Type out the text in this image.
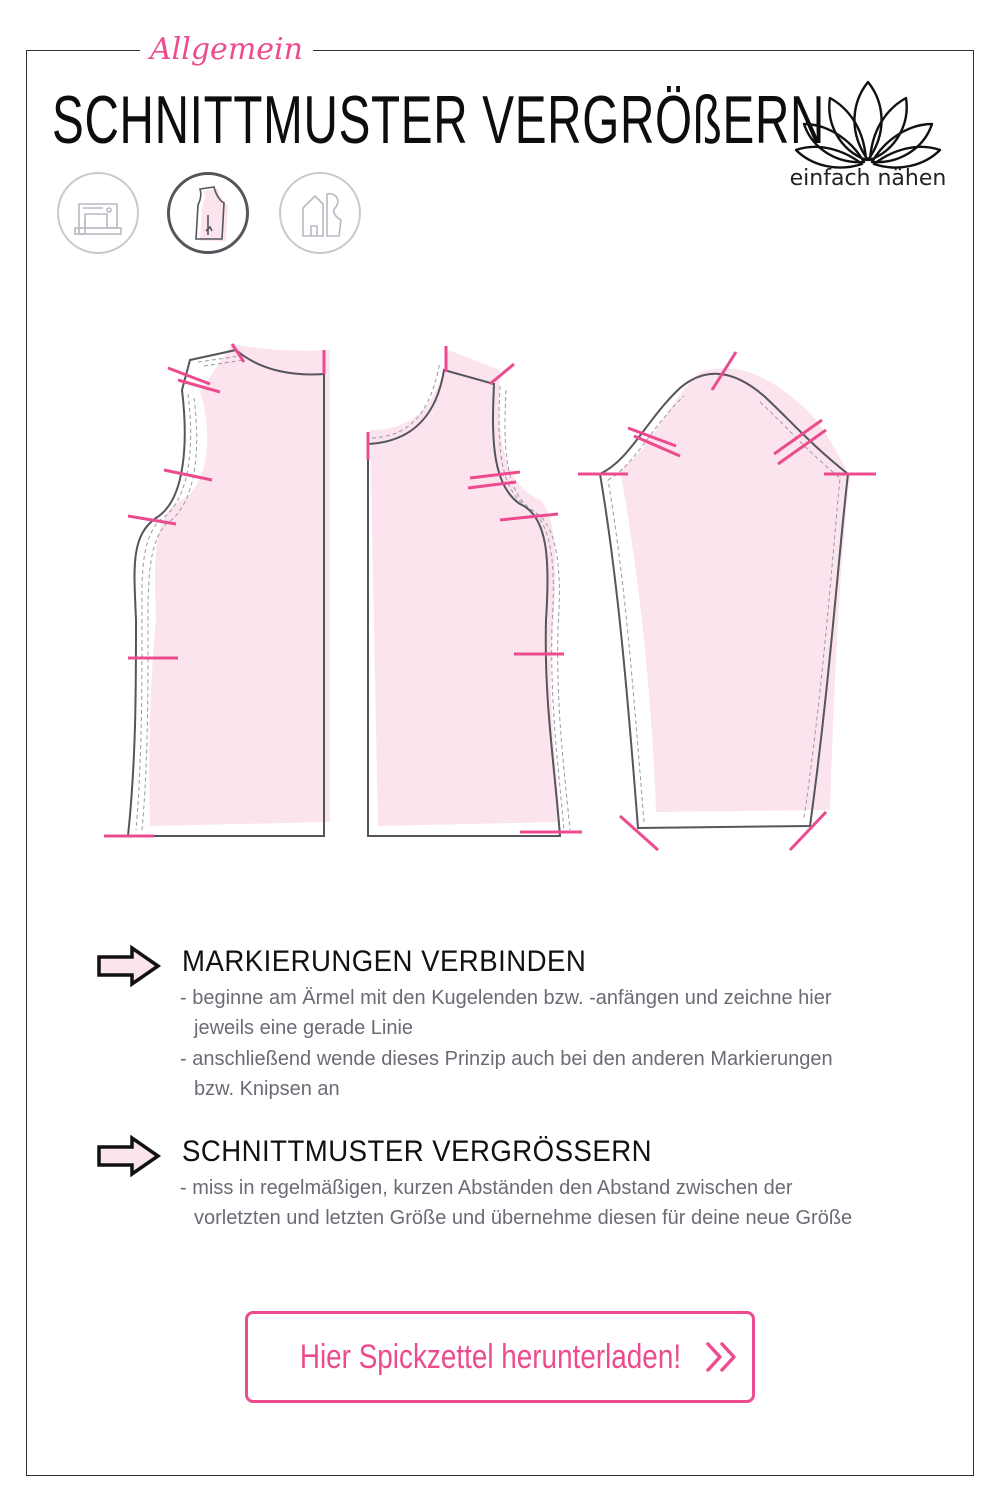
Allgemein
SCHNITTMUSTER VERGRÖßERN
einfach nähen
MARKIERUNGEN VERBINDEN
- beginne am Ärmel mit den Kugelenden bzw. -anfängen und zeichne hier
jeweils eine gerade Linie
- anschließend wende dieses Prinzip auch bei den anderen Markierungen
bzw. Knipsen an
SCHNITTMUSTER VERGRÖSSERN
- miss in regelmäßigen, kurzen Abständen den Abstand zwischen der
vorletzten und letzten Größe und übernehme diesen für deine neue Größe
Hier Spickzettel herunterladen!
